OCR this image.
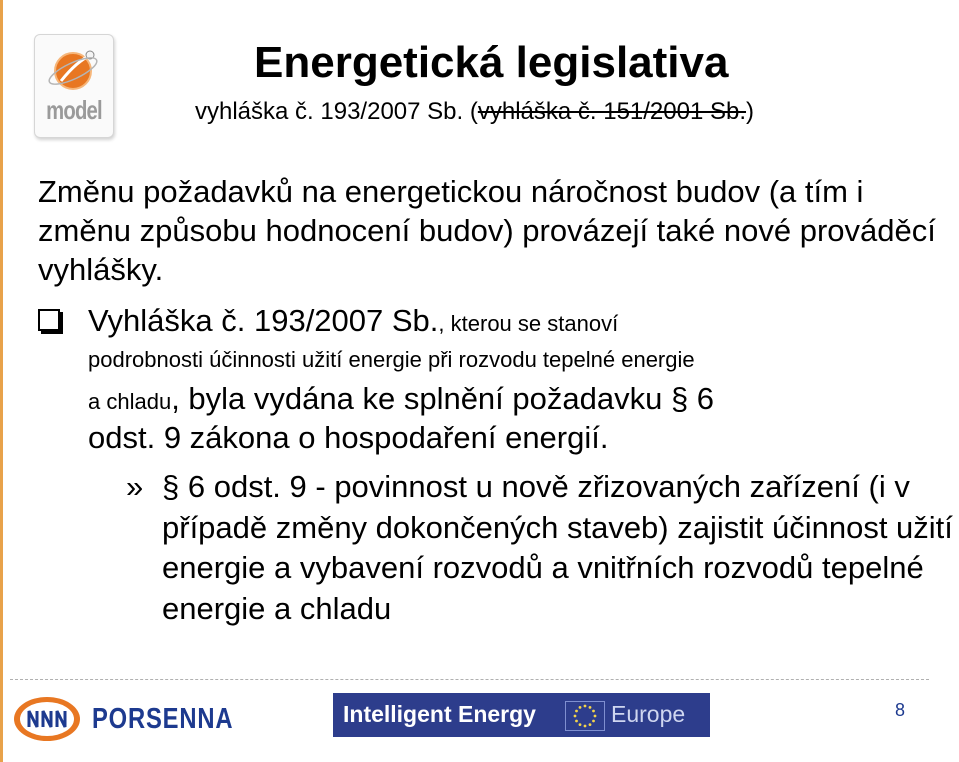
model
Energetická legislativa
vyhláška č. 193/2007 Sb. (vyhláška č. 151/2001 Sb.)
Změnu požadavků na energetickou náročnost budov (a tím i změnu způsobu hodnocení budov) provázejí také nové prováděcí vyhlášky.
Vyhláška č. 193/2007 Sb., kterou se stanoví
podrobnosti účinnosti užití energie při rozvodu tepelné energie
a chladu, byla vydána ke splnění požadavku § 6
odst. 9 zákona o hospodaření energií.
» § 6 odst. 9 - povinnost u nově zřizovaných zařízení (i v případě změny dokončených staveb) zajistit účinnost užití energie a vybavení rozvodů a vnitřních rozvodů tepelné energie a chladu
PORSENNA	Intelligent Energy	Europe	8
